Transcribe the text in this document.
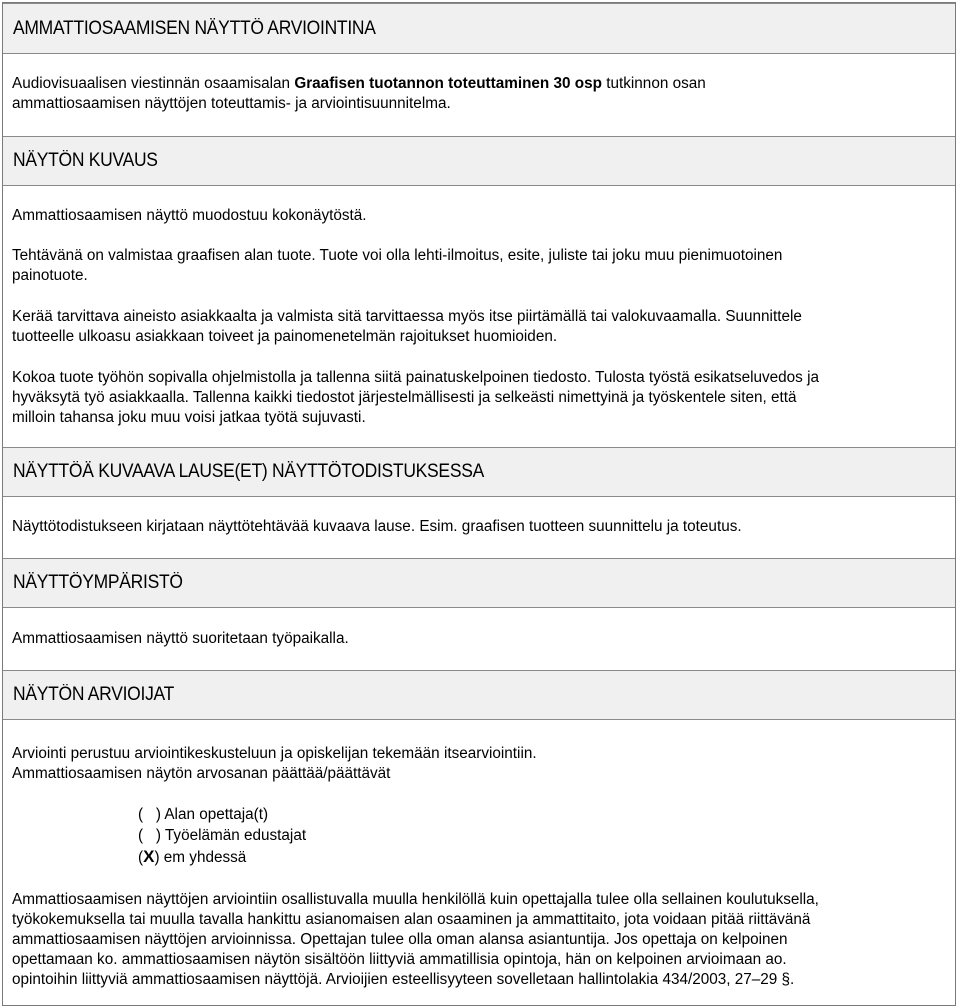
AMMATTIOSAAMISEN NÄYTTÖ ARVIOINTINA
Audiovisuaalisen viestinnän osaamisalan Graafisen tuotannon toteuttaminen 30 osp tutkinnon osan
ammattiosaamisen näyttöjen toteuttamis- ja arviointisuunnitelma.
NÄYTÖN KUVAUS
Ammattiosaamisen näyttö muodostuu kokonäytöstä.
Tehtävänä on valmistaa graafisen alan tuote. Tuote voi olla lehti-ilmoitus, esite, juliste tai joku muu pienimuotoinen
painotuote.
Kerää tarvittava aineisto asiakkaalta ja valmista sitä tarvittaessa myös itse piirtämällä tai valokuvaamalla. Suunnittele
tuotteelle ulkoasu asiakkaan toiveet ja painomenetelmän rajoitukset huomioiden.
Kokoa tuote työhön sopivalla ohjelmistolla ja tallenna siitä painatuskelpoinen tiedosto. Tulosta työstä esikatseluvedos ja
hyväksytä työ asiakkaalla. Tallenna kaikki tiedostot järjestelmällisesti ja selkeästi nimettyinä ja työskentele siten, että
milloin tahansa joku muu voisi jatkaa työtä sujuvasti.
NÄYTTÖÄ KUVAAVA LAUSE(ET) NÄYTTÖTODISTUKSESSA
Näyttötodistukseen kirjataan näyttötehtävää kuvaava lause. Esim. graafisen tuotteen suunnittelu ja toteutus.
NÄYTTÖYMPÄRISTÖ
Ammattiosaamisen näyttö suoritetaan työpaikalla.
NÄYTÖN ARVIOIJAT
Arviointi perustuu arviointikeskusteluun ja opiskelijan tekemään itsearviointiin.
Ammattiosaamisen näytön arvosanan päättää/päättävät
(   ) Alan opettaja(t)
(   ) Työelämän edustajat
(X) em yhdessä
Ammattiosaamisen näyttöjen arviointiin osallistuvalla muulla henkilöllä kuin opettajalla tulee olla sellainen koulutuksella,
työkokemuksella tai muulla tavalla hankittu asianomaisen alan osaaminen ja ammattitaito, jota voidaan pitää riittävänä
ammattiosaamisen näyttöjen arvioinnissa. Opettajan tulee olla oman alansa asiantuntija. Jos opettaja on kelpoinen
opettamaan ko. ammattiosaamisen näytön sisältöön liittyviä ammatillisia opintoja, hän on kelpoinen arvioimaan ao.
opintoihin liittyviä ammattiosaamisen näyttöjä. Arvioijien esteellisyyteen sovelletaan hallintolakia 434/2003, 27–29 §.
